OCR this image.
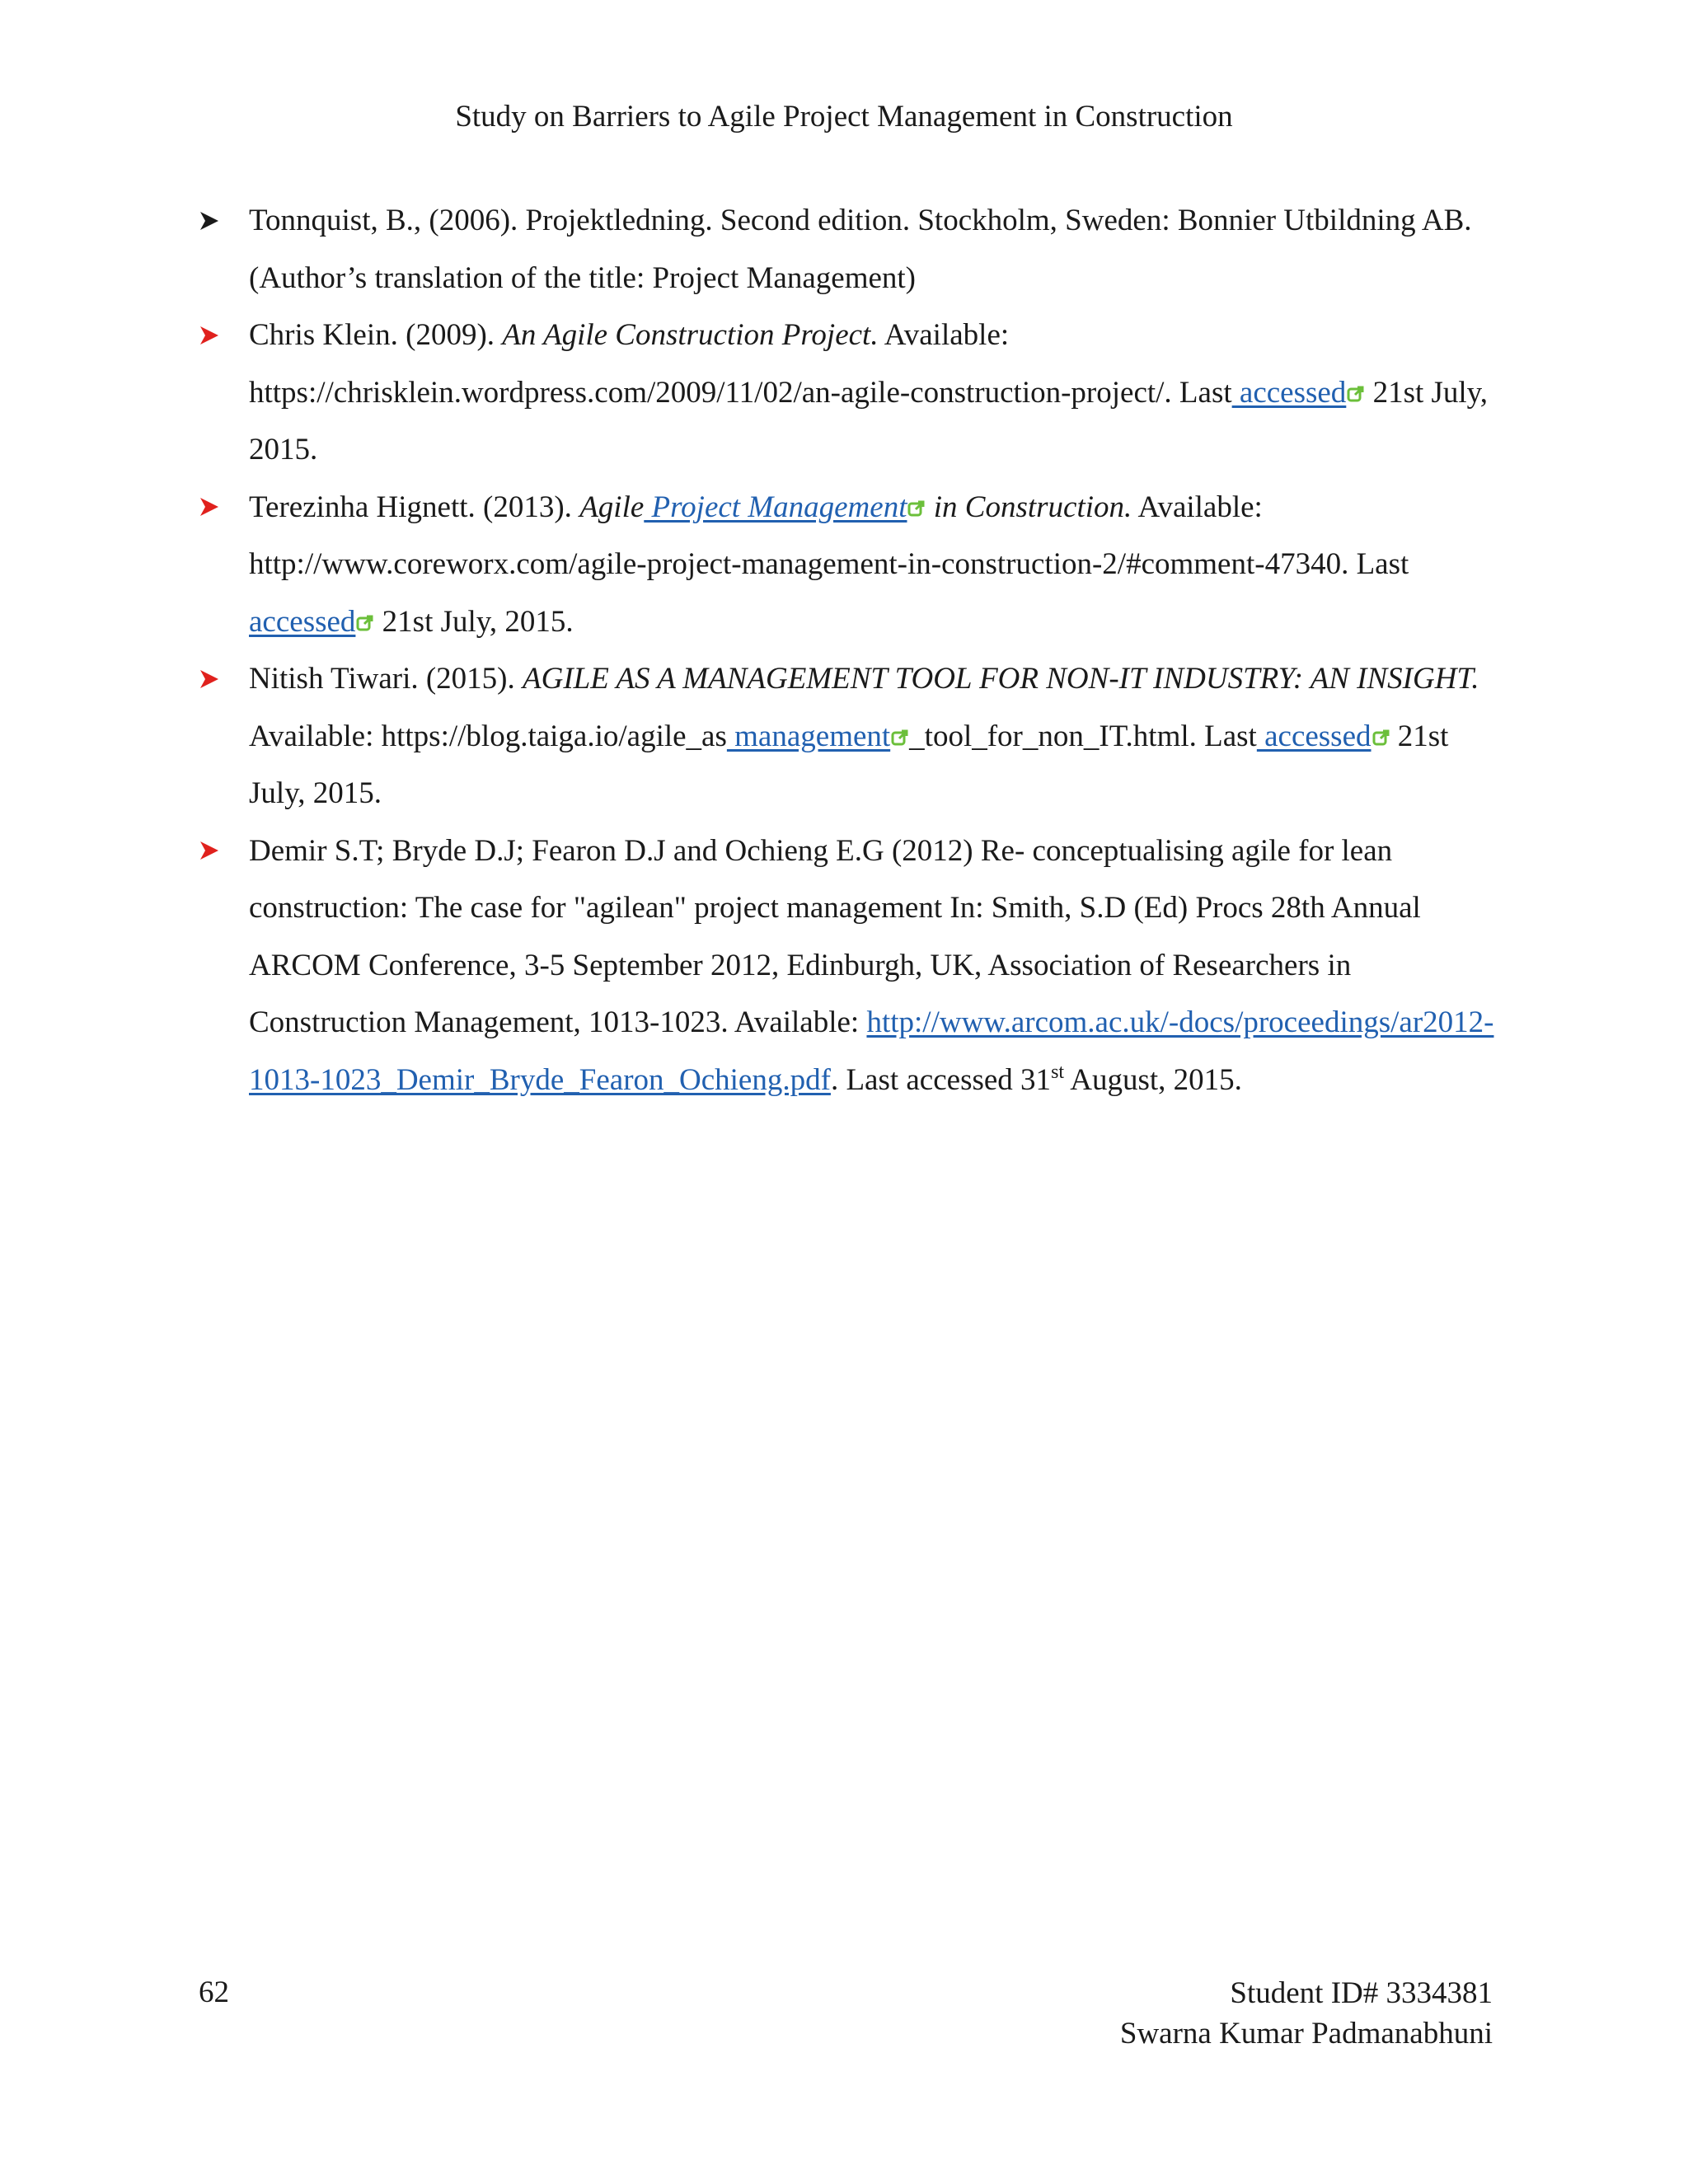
Study on Barriers to Agile Project Management in Construction

Tonnquist, B., (2006). Projektledning. Second edition. Stockholm, Sweden: Bonnier Utbildning AB. (Author’s translation of the title: Project Management)

Chris Klein. (2009). An Agile Construction Project. Available: https://chrisklein.wordpress.com/2009/11/02/an-agile-construction-project/. Last accessed
21st July, 2015.

Terezinha Hignett. (2013). Agile Project Management
in Construction. Available: http://www.coreworx.com/agile-project-management-in-construction-2/#comment-47340. Last accessed
21st July, 2015.

Nitish Tiwari. (2015). AGILE AS A MANAGEMENT TOOL FOR NON-IT INDUSTRY: AN INSIGHT. Available: https://blog.taiga.io/agile_as management _tool_for_non_IT.html. Last accessed
21st July, 2015.

Demir S.T; Bryde D.J; Fearon D.J and Ochieng E.G (2012) Re- conceptualising agile for lean construction: The case for "agilean" project management In: Smith, S.D (Ed) Procs 28th Annual ARCOM Conference, 3-5 September 2012, Edinburgh, UK, Association of Researchers in Construction Management, 1013-1023. Available: http://www.arcom.ac.uk/-docs/proceedings/ar2012-1013-1023_Demir_Bryde_Fearon_Ochieng.pdf. Last accessed 31st August, 2015.

62	Student ID# 3334381
Swarna Kumar Padmanabhuni
